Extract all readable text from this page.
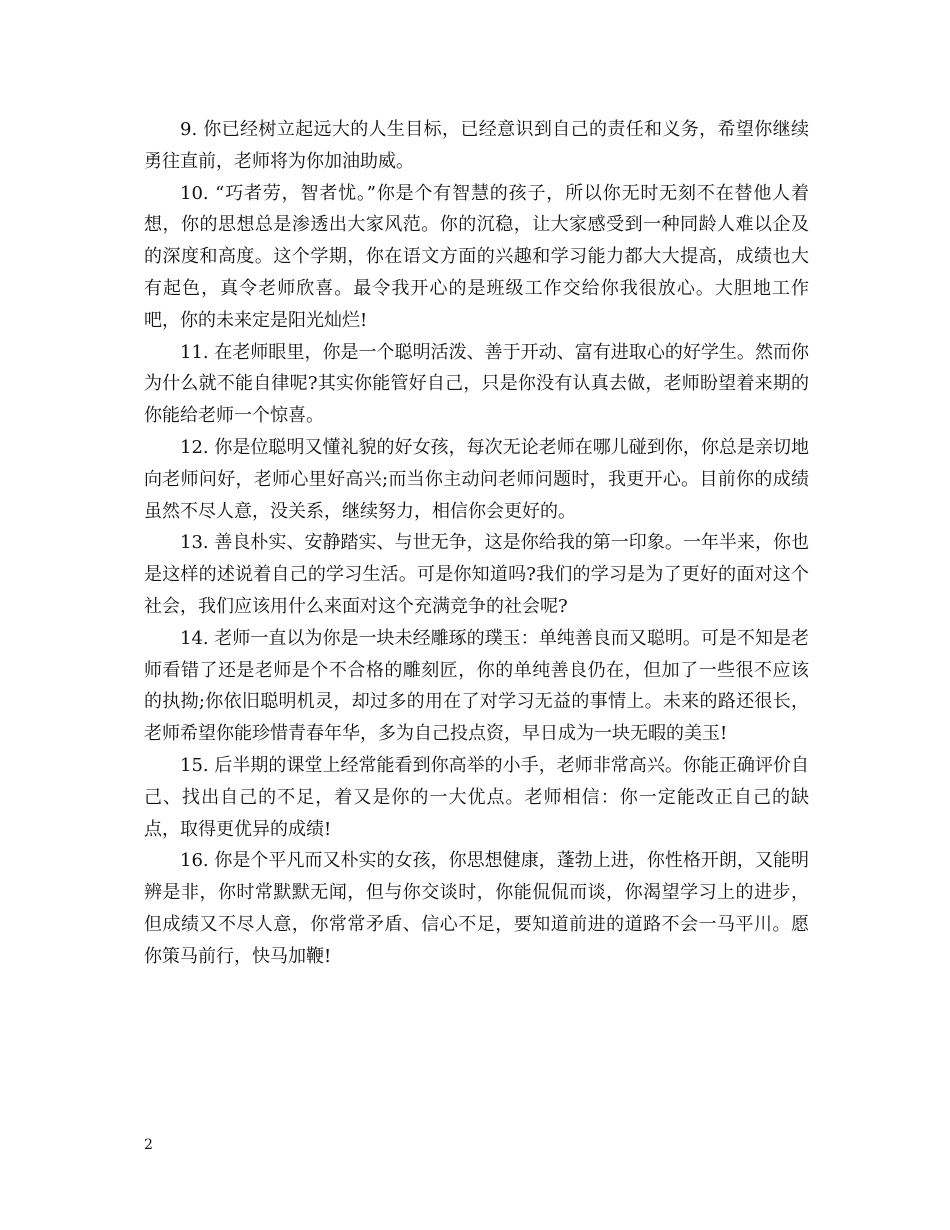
9. 你已经树立起远大的人生目标，已经意识到自己的责任和义务，希望你继续勇往直前，老师将为你加油助威。

10. “巧者劳，智者忧。”你是个有智慧的孩子，所以你无时无刻不在替他人着想，你的思想总是渗透出大家风范。你的沉稳，让大家感受到一种同龄人难以企及的深度和高度。这个学期，你在语文方面的兴趣和学习能力都大大提高，成绩也大有起色，真令老师欣喜。最令我开心的是班级工作交给你我很放心。大胆地工作吧，你的未来定是阳光灿烂!

11. 在老师眼里，你是一个聪明活泼、善于开动、富有进取心的好学生。然而你为什么就不能自律呢?其实你能管好自己，只是你没有认真去做，老师盼望着来期的你能给老师一个惊喜。

12. 你是位聪明又懂礼貌的好女孩，每次无论老师在哪儿碰到你，你总是亲切地向老师问好，老师心里好高兴;而当你主动问老师问题时，我更开心。目前你的成绩虽然不尽人意，没关系，继续努力，相信你会更好的。

13. 善良朴实、安静踏实、与世无争，这是你给我的第一印象。一年半来，你也是这样的述说着自己的学习生活。可是你知道吗?我们的学习是为了更好的面对这个社会，我们应该用什么来面对这个充满竞争的社会呢?

14. 老师一直以为你是一块未经雕琢的璞玉：单纯善良而又聪明。可是不知是老师看错了还是老师是个不合格的雕刻匠，你的单纯善良仍在，但加了一些很不应该的执拗;你依旧聪明机灵，却过多的用在了对学习无益的事情上。未来的路还很长，老师希望你能珍惜青春年华，多为自己投点资，早日成为一块无暇的美玉!

15. 后半期的课堂上经常能看到你高举的小手，老师非常高兴。你能正确评价自己、找出自己的不足，着又是你的一大优点。老师相信：你一定能改正自己的缺点，取得更优异的成绩!

16. 你是个平凡而又朴实的女孩，你思想健康，蓬勃上进，你性格开朗，又能明辨是非，你时常默默无闻，但与你交谈时，你能侃侃而谈，你渴望学习上的进步，但成绩又不尽人意，你常常矛盾、信心不足，要知道前进的道路不会一马平川。愿你策马前行，快马加鞭!

2
